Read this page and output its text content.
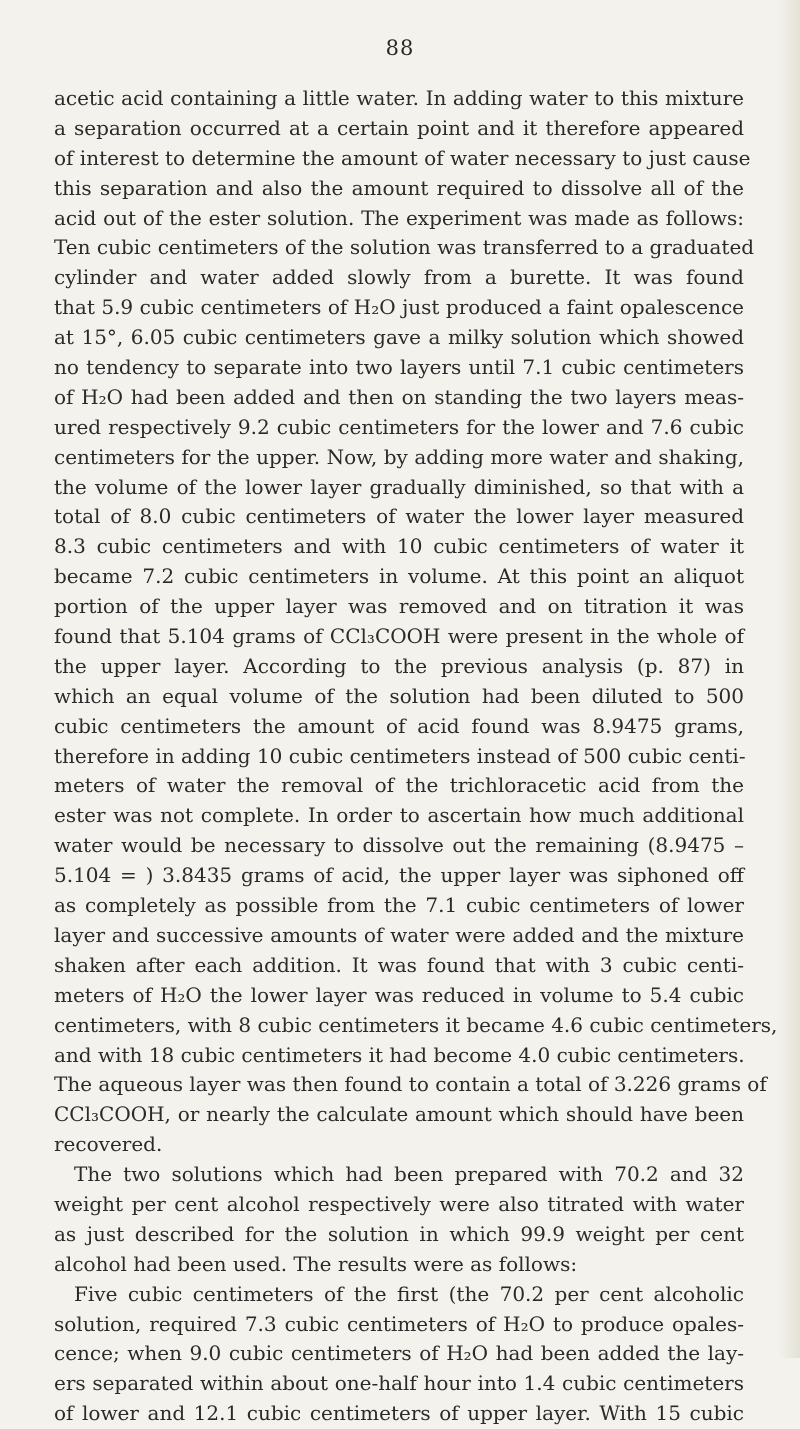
88
acetic acid containing a little water. In adding water to this mixture
a separation occurred at a certain point and it therefore appeared
of interest to determine the amount of water necessary to just cause
this separation and also the amount required to dissolve all of the
acid out of the ester solution. The experiment was made as follows:
Ten cubic centimeters of the solution was transferred to a graduated
cylinder and water added slowly from a burette. It was found
that 5.9 cubic centimeters of H₂O just produced a faint opalescence
at 15°, 6.05 cubic centimeters gave a milky solution which showed
no tendency to separate into two layers until 7.1 cubic centimeters
of H₂O had been added and then on standing the two layers meas-
ured respectively 9.2 cubic centimeters for the lower and 7.6 cubic
centimeters for the upper. Now, by adding more water and shaking,
the volume of the lower layer gradually diminished, so that with a
total of 8.0 cubic centimeters of water the lower layer measured
8.3 cubic centimeters and with 10 cubic centimeters of water it
became 7.2 cubic centimeters in volume. At this point an aliquot
portion of the upper layer was removed and on titration it was
found that 5.104 grams of CCl₃COOH were present in the whole of
the upper layer. According to the previous analysis (p. 87) in
which an equal volume of the solution had been diluted to 500
cubic centimeters the amount of acid found was 8.9475 grams,
therefore in adding 10 cubic centimeters instead of 500 cubic centi-
meters of water the removal of the trichloracetic acid from the
ester was not complete. In order to ascertain how much additional
water would be necessary to dissolve out the remaining (8.9475 –
5.104 = ) 3.8435 grams of acid, the upper layer was siphoned off
as completely as possible from the 7.1 cubic centimeters of lower
layer and successive amounts of water were added and the mixture
shaken after each addition. It was found that with 3 cubic centi-
meters of H₂O the lower layer was reduced in volume to 5.4 cubic
centimeters, with 8 cubic centimeters it became 4.6 cubic centimeters,
and with 18 cubic centimeters it had become 4.0 cubic centimeters.
The aqueous layer was then found to contain a total of 3.226 grams of
CCl₃COOH, or nearly the calculate amount which should have been
recovered.
The two solutions which had been prepared with 70.2 and 32
weight per cent alcohol respectively were also titrated with water
as just described for the solution in which 99.9 weight per cent
alcohol had been used. The results were as follows:
Five cubic centimeters of the first (the 70.2 per cent alcoholic
solution, required 7.3 cubic centimeters of H₂O to produce opales-
cence; when 9.0 cubic centimeters of H₂O had been added the lay-
ers separated within about one-half hour into 1.4 cubic centimeters
of lower and 12.1 cubic centimeters of upper layer. With 15 cubic
